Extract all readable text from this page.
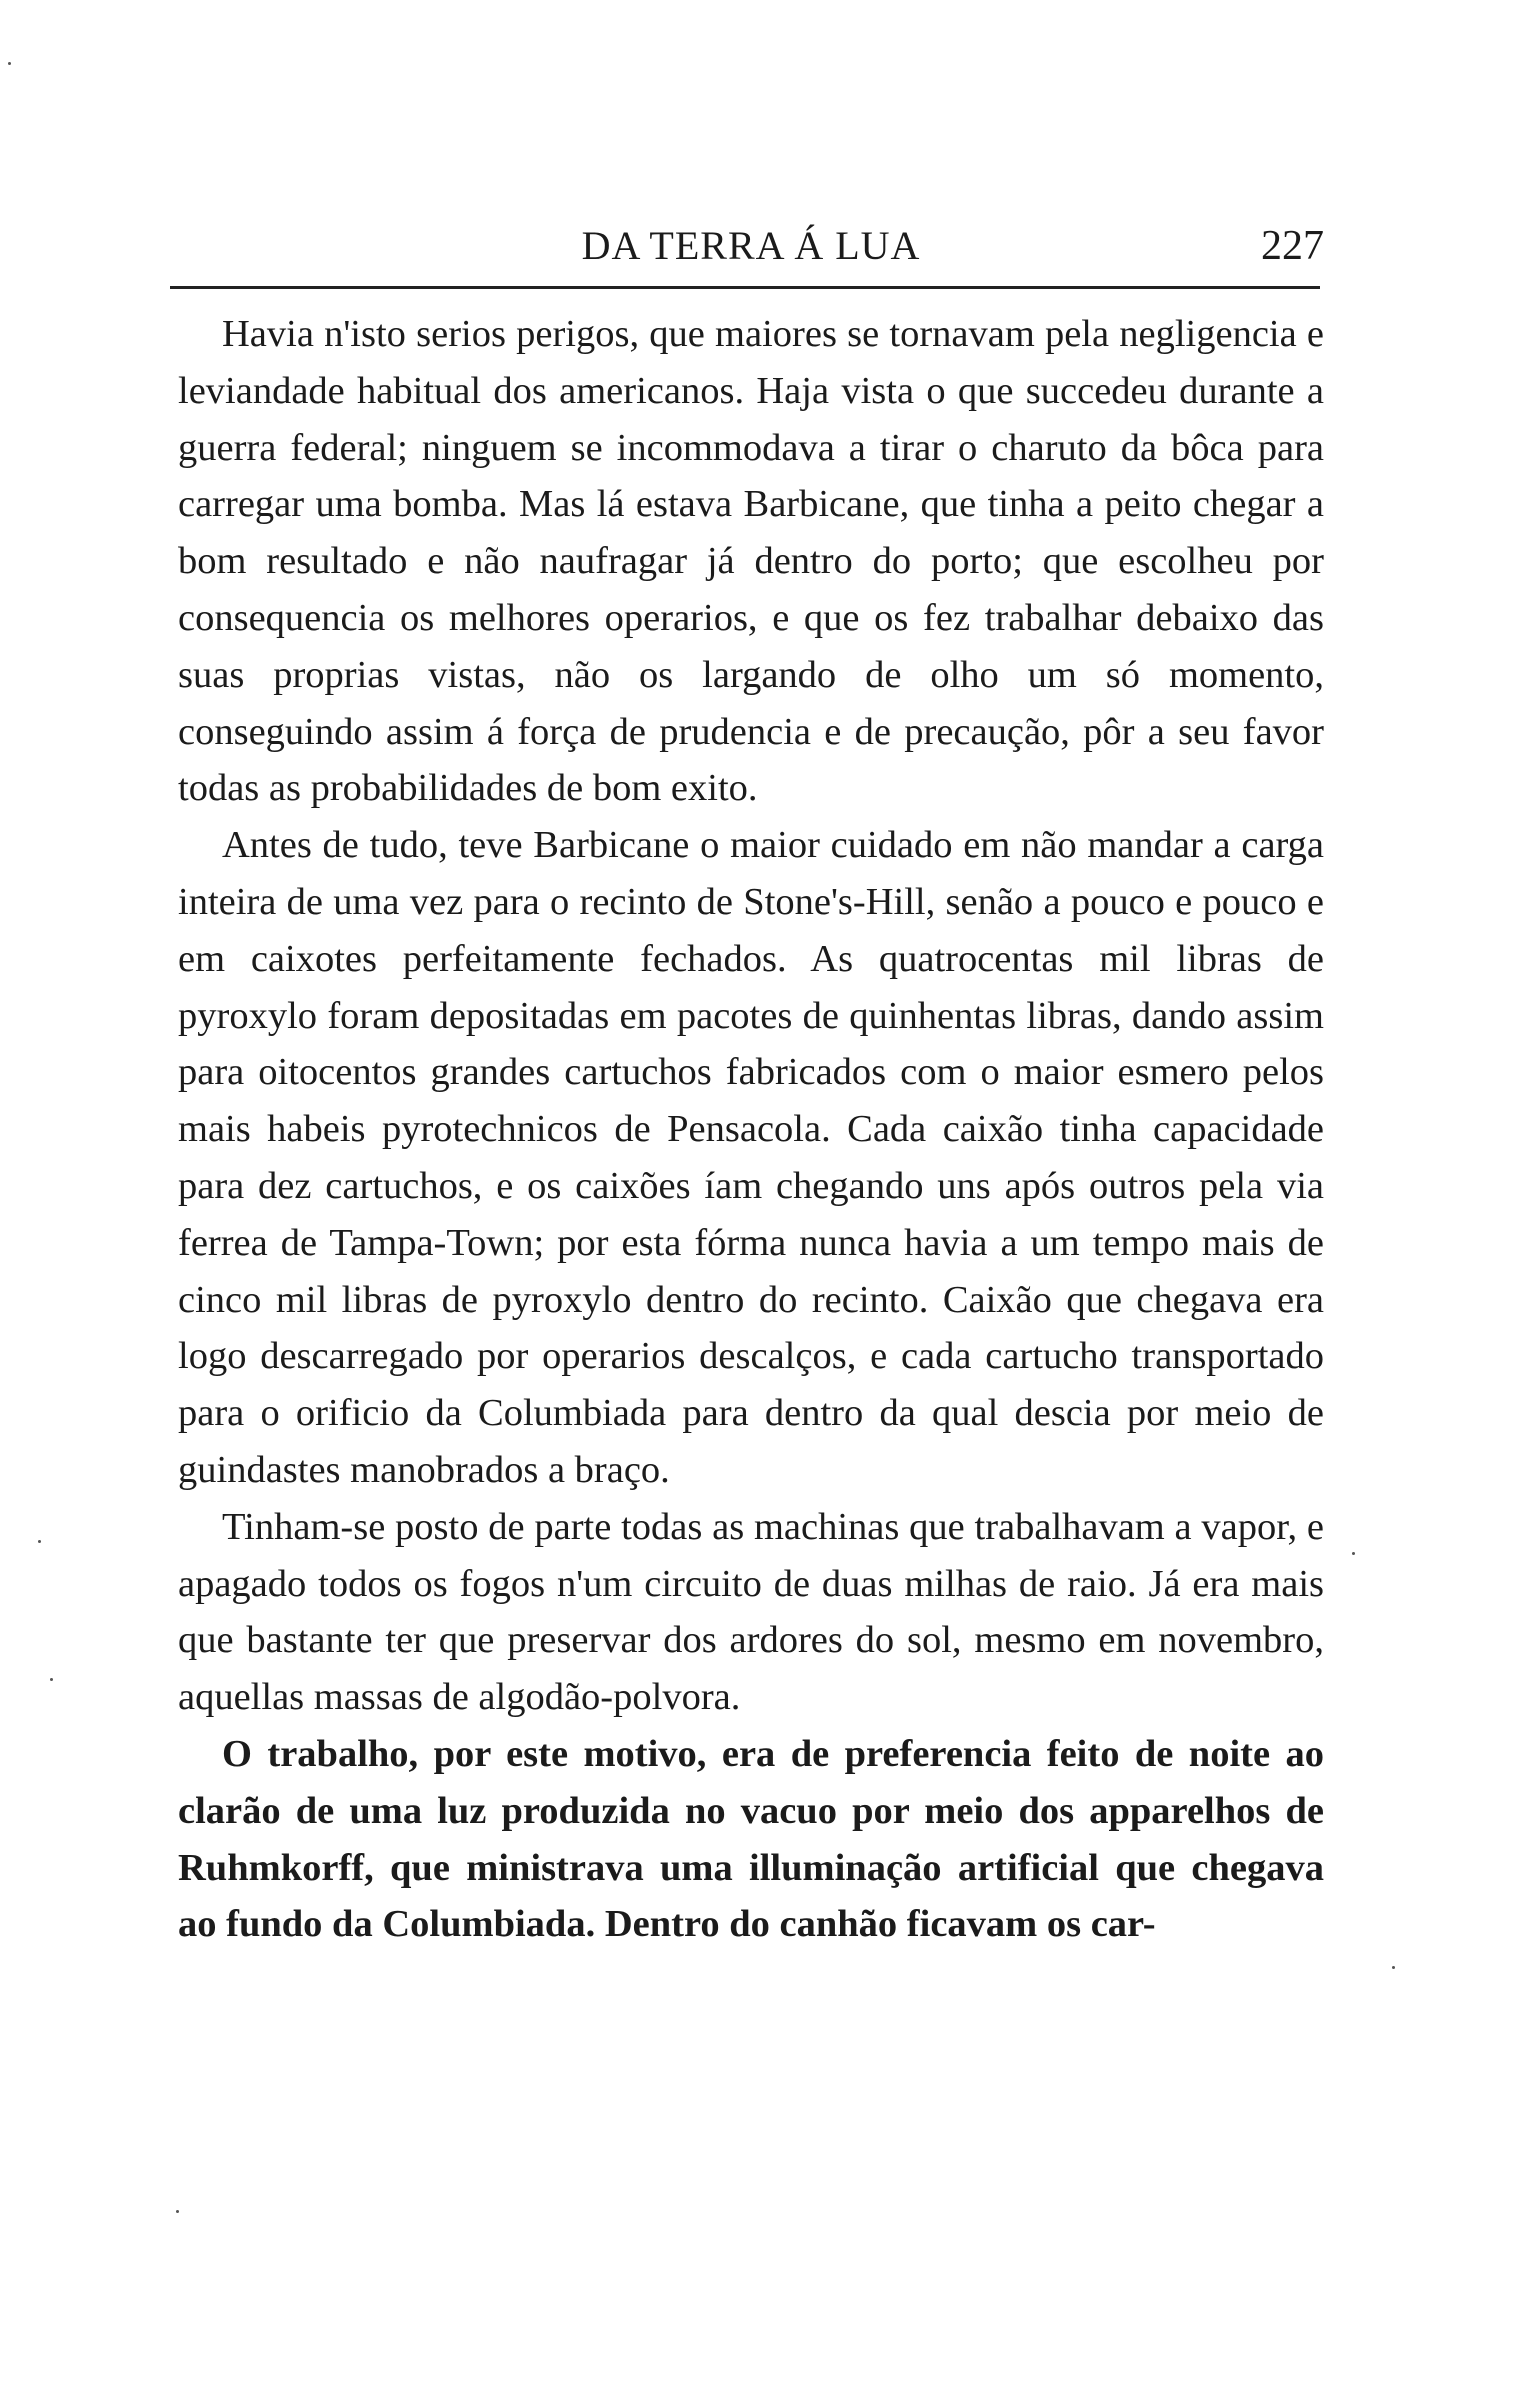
DA TERRA Á LUA	227

Havia n'isto serios perigos, que maiores se tornavam pela negligencia e leviandade habitual dos americanos. Haja vista o que succedeu durante a guerra federal; ninguem se incommodava a tirar o charuto da bôca para carregar uma bomba. Mas lá estava Barbicane, que tinha a peito chegar a bom resultado e não naufragar já dentro do porto; que escolheu por consequencia os melhores operarios, e que os fez trabalhar debaixo das suas proprias vistas, não os largando de olho um só momento, conseguindo assim á força de prudencia e de precaução, pôr a seu favor todas as probabilidades de bom exito.

Antes de tudo, teve Barbicane o maior cuidado em não mandar a carga inteira de uma vez para o recinto de Stone's-Hill, senão a pouco e pouco e em caixotes perfeitamente fechados. As quatrocentas mil libras de pyroxylo foram depositadas em pacotes de quinhentas libras, dando assim para oitocentos grandes cartuchos fabricados com o maior esmero pelos mais habeis pyrotechnicos de Pensacola. Cada caixão tinha capacidade para dez cartuchos, e os caixões íam chegando uns após outros pela via ferrea de Tampa-Town; por esta fórma nunca havia a um tempo mais de cinco mil libras de pyroxylo dentro do recinto. Caixão que chegava era logo descarregado por operarios descalços, e cada cartucho transportado para o orificio da Columbiada para dentro da qual descia por meio de guindastes manobrados a braço.

Tinham-se posto de parte todas as machinas que trabalhavam a vapor, e apagado todos os fogos n'um circuito de duas milhas de raio. Já era mais que bastante ter que preservar dos ardores do sol, mesmo em novembro, aquellas massas de algodão-polvora.

O trabalho, por este motivo, era de preferencia feito de noite ao clarão de uma luz produzida no vacuo por meio dos apparelhos de Ruhmkorff, que ministrava uma illuminação artificial que chegava ao fundo da Columbiada. Dentro do canhão ficavam os car-
